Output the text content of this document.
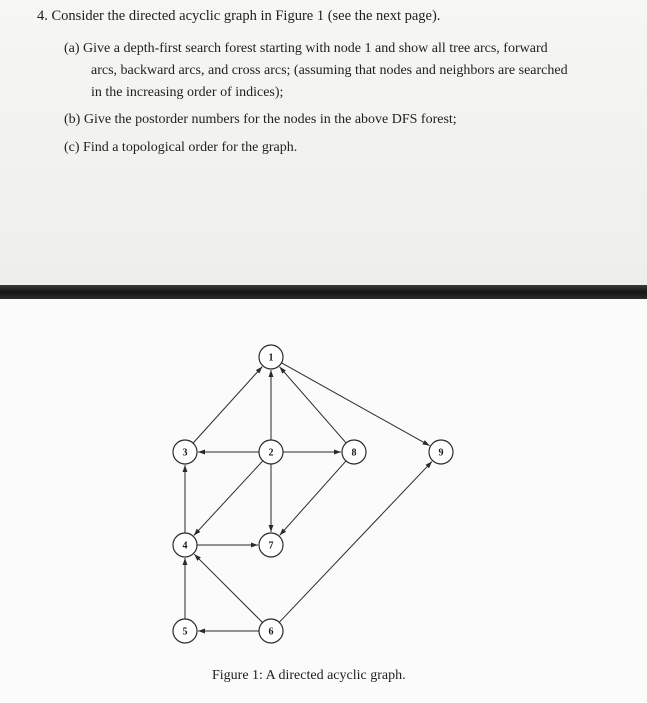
4. Consider the directed acyclic graph in Figure 1 (see the next page).
(a) Give a depth-first search forest starting with node 1 and show all tree arcs, forward
arcs, backward arcs, and cross arcs; (assuming that nodes and neighbors are searched
in the increasing order of indices);
(b) Give the postorder numbers for the nodes in the above DFS forest;
(c) Find a topological order for the graph.
1
2
3
4
5	6
7
8	9
Figure 1: A directed acyclic graph.
